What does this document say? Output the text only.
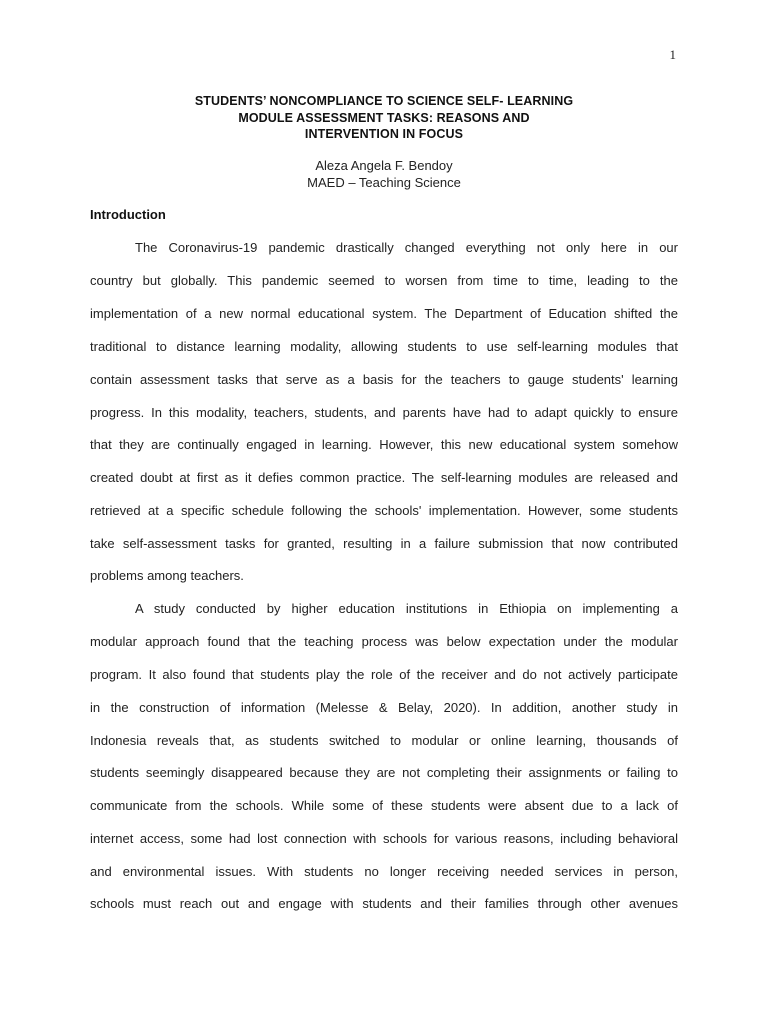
1
STUDENTS’ NONCOMPLIANCE TO SCIENCE SELF- LEARNING
MODULE ASSESSMENT TASKS: REASONS AND
INTERVENTION IN FOCUS
Aleza Angela F. Bendoy
MAED – Teaching Science
Introduction
The Coronavirus-19 pandemic drastically changed everything not only here in our
country but globally. This pandemic seemed to worsen from time to time, leading to the
implementation of a new normal educational system. The Department of Education shifted the
traditional to distance learning modality, allowing students to use self-learning modules that
contain assessment tasks that serve as a basis for the teachers to gauge students' learning
progress. In this modality, teachers, students, and parents have had to adapt quickly to ensure
that they are continually engaged in learning. However, this new educational system somehow
created doubt at first as it defies common practice. The self-learning modules are released and
retrieved at a specific schedule following the schools' implementation. However, some students
take self-assessment tasks for granted, resulting in a failure submission that now contributed
problems among teachers.
A study conducted by higher education institutions in Ethiopia on implementing a
modular approach found that the teaching process was below expectation under the modular
program. It also found that students play the role of the receiver and do not actively participate
in the construction of information (Melesse & Belay, 2020). In addition, another study in
Indonesia reveals that, as students switched to modular or online learning, thousands of
students seemingly disappeared because they are not completing their assignments or failing to
communicate from the schools. While some of these students were absent due to a lack of
internet access, some had lost connection with schools for various reasons, including behavioral
and environmental issues. With students no longer receiving needed services in person,
schools must reach out and engage with students and their families through other avenues
